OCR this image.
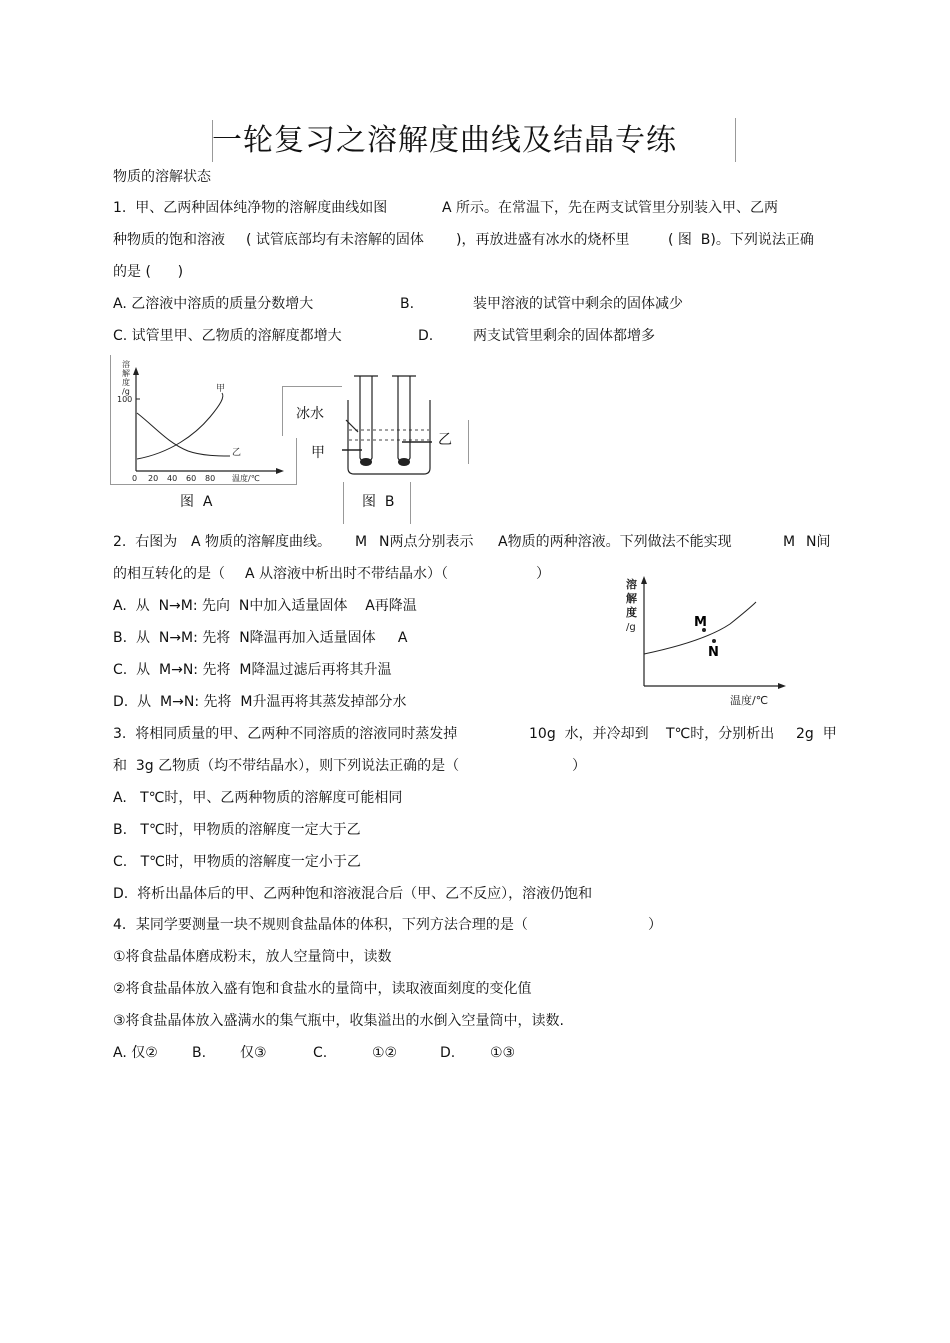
一轮复习之溶解度曲线及结晶专练
物质的溶解状态
1.  甲、乙两种固体纯净物的溶解度曲线如图	A 所示。在常温下，先在两支试管里分别装入甲、乙两
种物质的饱和溶液 ( 试管底部均有未溶解的固体 )，再放进盛有冰水的烧杯里	( 图  B)。下列说法正确
的是 (      )
A. 乙溶液中溶质的质量分数增大	B.	装甲溶液的试管中剩余的固体减少
C. 试管里甲、乙物质的溶解度都增大	D.	两支试管里剩余的固体都增多
溶
解
度
/g
100
0 20 40 60 80 温度/℃
甲
乙
图  A
冰水
甲
乙
图  B
2.  右图为 A 物质的溶解度曲线。 M N两点分别表示 A物质的两种溶液。下列做法不能实现	M N间
的相互转化的是（ A 从溶液中析出时不带结晶水）（	）
A.  从  N→M: 先向  N中加入适量固体    A再降温
B.  从  N→M: 先将  N降温再加入适量固体     A
C.  从  M→N: 先将  M降温过滤后再将其升温
D.  从  M→N: 先将  M升温再将其蒸发掉部分水
溶
解
度
/g	M
N
温度/℃
3.  将相同质量的甲、乙两种不同溶质的溶液同时蒸发掉	10g  水，并冷却到 T℃时，分别析出 2g  甲
和  3g 乙物质（均不带结晶水），则下列说法正确的是（	）
A.   T℃时，甲、乙两种物质的溶解度可能相同
B.   T℃时，甲物质的溶解度一定大于乙
C.   T℃时，甲物质的溶解度一定小于乙
D.  将析出晶体后的甲、乙两种饱和溶液混合后（甲、乙不反应），溶液仍饱和
4．某同学要测量一块不规则食盐晶体的体积，下列方法合理的是（	）
①将食盐晶体磨成粉末，放人空量筒中，读数
②将食盐晶体放入盛有饱和食盐水的量筒中，读取液面刻度的变化值
③将食盐晶体放入盛满水的集气瓶中，收集溢出的水倒入空量筒中，读数.
A. 仅② B. 仅③	C.	①②	D. ①③
